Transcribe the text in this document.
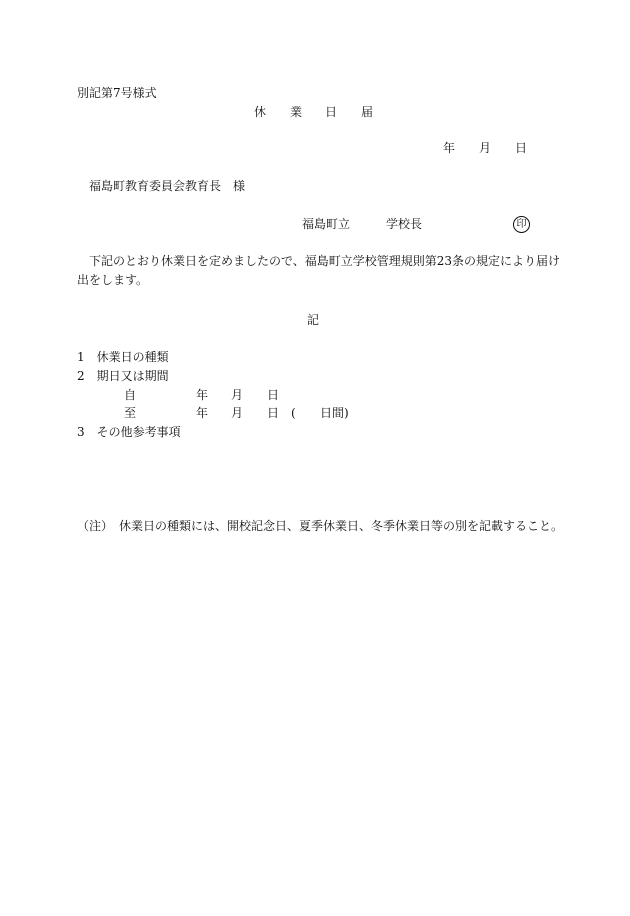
別記第7号様式
休 業 日 届
年 月 日
福島町教育委員会教育長　様
福島町立	学校長	印
下記のとおり休業日を定めましたので、福島町立学校管理規則第23条の規定により届け
出をします。
記
1　休業日の種類
2　期日又は期間
自	年 月 日
至	年 月 日 ( 日間)
3　その他参考事項
（注）　休業日の種類には、開校記念日、夏季休業日、冬季休業日等の別を記載すること。
